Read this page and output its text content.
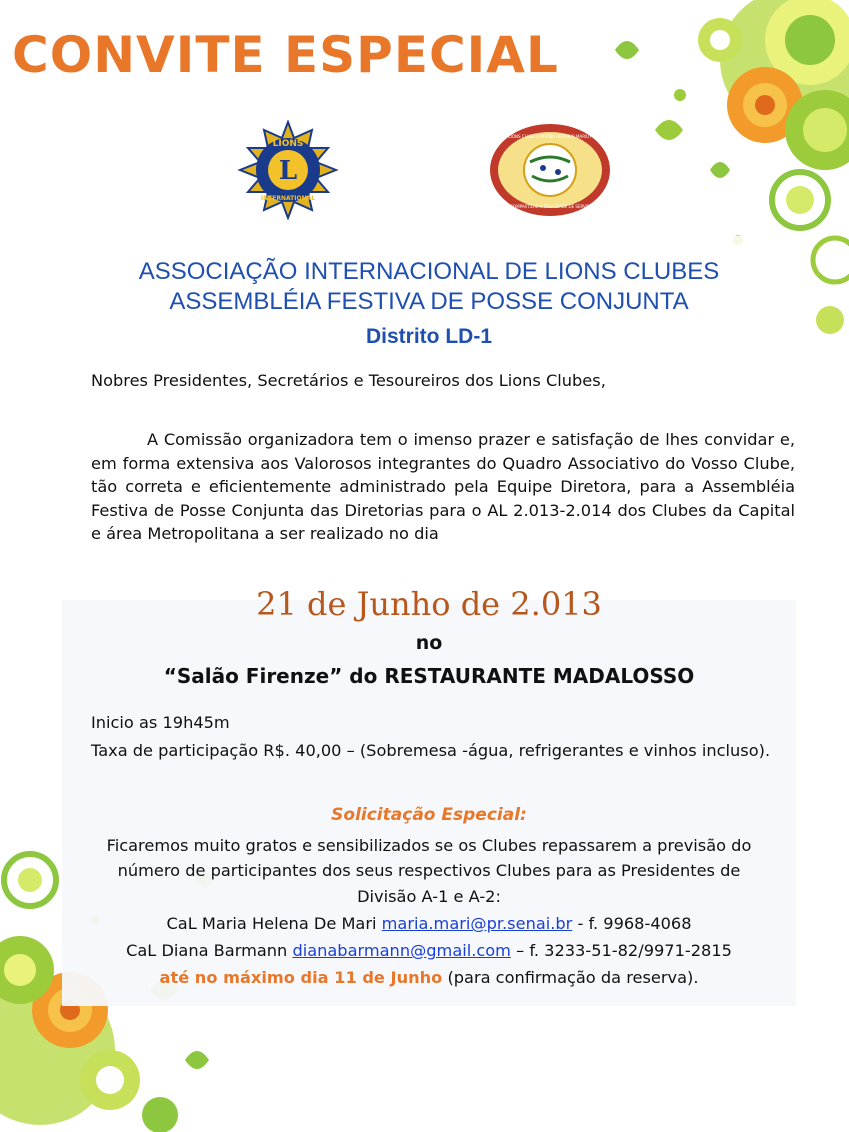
CONVITE ESPECIAL
L
LIONS
INTERNATIONAL
LIONS CLUBE CURITIBA ANTONIO MARIUT
COMPARTILHE A FELICIDADE DE SERVIR
ASSOCIAÇÃO INTERNACIONAL DE LIONS CLUBES
ASSEMBLÉIA FESTIVA DE POSSE CONJUNTA
Distrito LD-1
Nobres Presidentes, Secretários e Tesoureiros dos Lions Clubes,
A Comissão organizadora tem o imenso prazer e satisfação de lhes convidar e, em forma extensiva aos Valorosos integrantes do Quadro Associativo do Vosso Clube, tão correta e eficientemente administrado pela Equipe Diretora, para a Assembléia Festiva de Posse Conjunta das Diretorias para o AL 2.013-2.014 dos Clubes da Capital e área Metropolitana a ser realizado no dia
21 de Junho de 2.013
no
“Salão Firenze” do RESTAURANTE MADALOSSO
Inicio as 19h45m
Taxa de participação R$. 40,00 – (Sobremesa -água, refrigerantes e vinhos incluso).
Solicitação Especial:
Ficaremos muito gratos e sensibilizados se os Clubes repassarem a previsão do
número de participantes dos seus respectivos Clubes para as Presidentes de
Divisão A-1 e A-2:
CaL Maria Helena De Mari maria.mari@pr.senai.br - f. 9968-4068
CaL Diana Barmann dianabarmann@gmail.com – f. 3233-51-82/9971-2815
até no máximo dia 11 de Junho (para confirmação da reserva).
